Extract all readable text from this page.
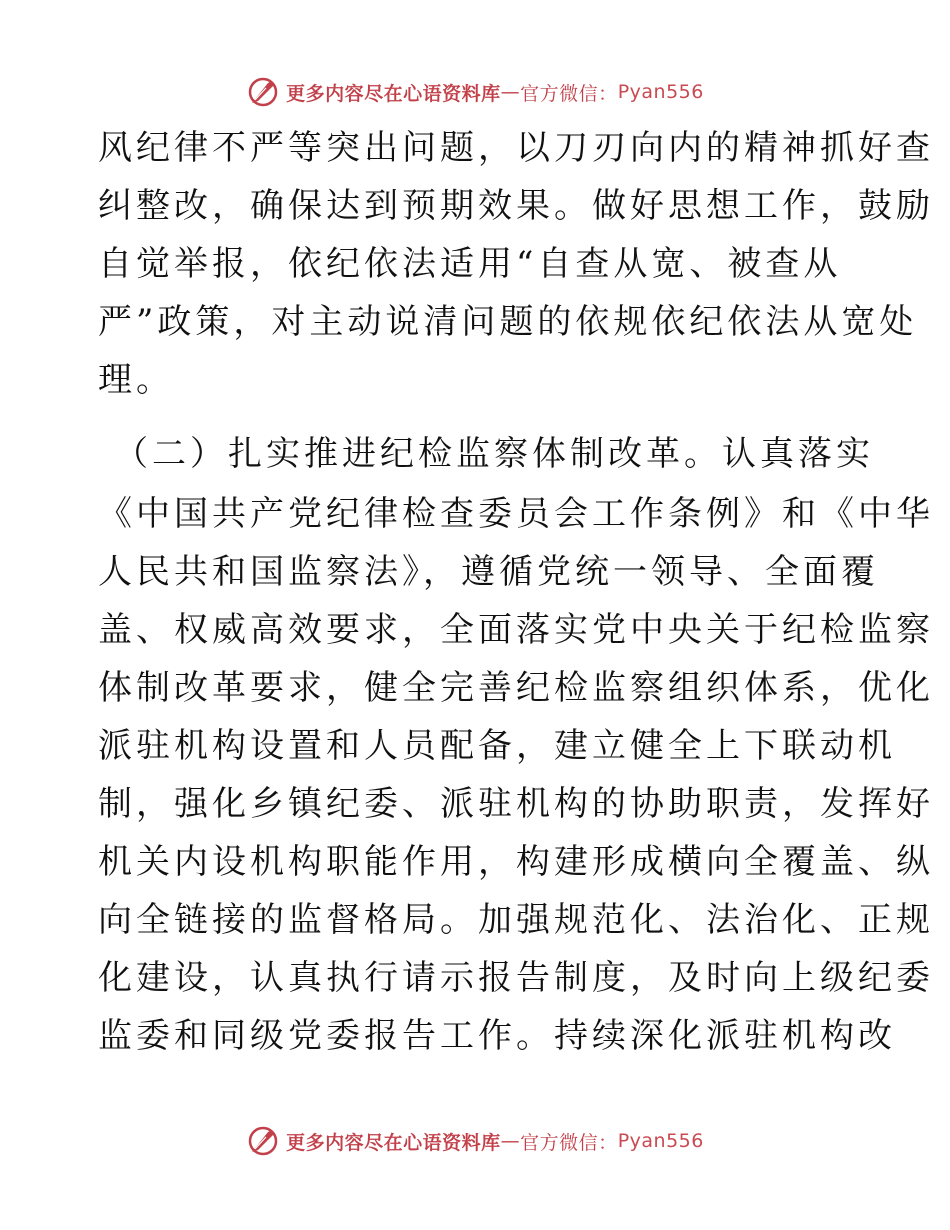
更多内容尽在心语资料库 — 官方微信： Pyan556
风纪律不严等突出问题，以刀刃向内的精神抓好查
纠整改，确保达到预期效果。做好思想工作，鼓励
自觉举报，依纪依法适用“自查从宽、被查从
严”政策，对主动说清问题的依规依纪依法从宽处
理。
（二）扎实推进纪检监察体制改革。认真落实
《中国共产党纪律检查委员会工作条例》和《中华
人民共和国监察法》，遵循党统一领导、全面覆
盖、权威高效要求，全面落实党中央关于纪检监察
体制改革要求，健全完善纪检监察组织体系，优化
派驻机构设置和人员配备，建立健全上下联动机
制，强化乡镇纪委、派驻机构的协助职责，发挥好
机关内设机构职能作用，构建形成横向全覆盖、纵
向全链接的监督格局。加强规范化、法治化、正规
化建设，认真执行请示报告制度，及时向上级纪委
监委和同级党委报告工作。持续深化派驻机构改
更多内容尽在心语资料库 — 官方微信： Pyan556
